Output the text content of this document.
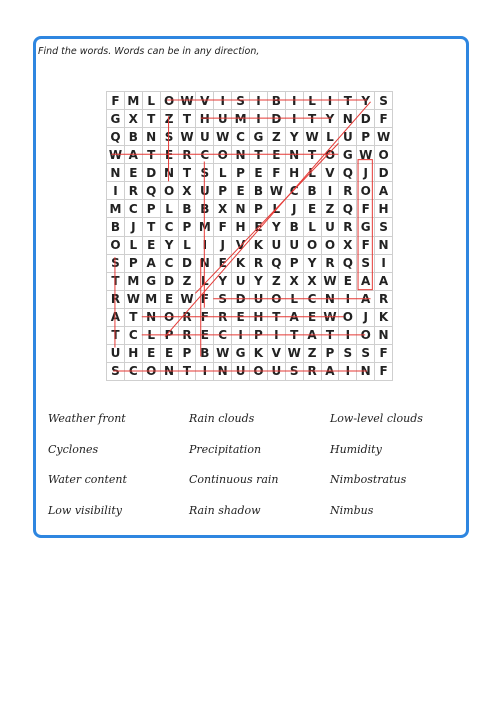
Find the words. Words can be in any direction,
F M L O W V I S I B I L I T Y S
G X T Z T H U M I D I T Y N D F
Q B N S W U W C G Z Y W L U P W
W A T E R C O N T E N T O G W O
N E D N T S L P E F H L V Q J D
I R Q O X U P E B W C B I R O A
M C P L B B X N P L J E Z Q F H
B J T C P M F H E Y B L U R G S
O L E Y L I	J V K U U O O X F N
S P A C D N E K R Q P Y R Q S I
T M G D Z L Y U Y Z X X W E A A
R W M E W F S D U O L C N I A R
A T N O R F R E H T A E W O J K
T C L P R E C I P I T A T I O N
U H E E P B W G K V W Z P S S F
S C O N T I N U O U S R A I N F
Weather front	Rain clouds	Low-level clouds
Cyclones	Precipitation	Humidity
Water content	Continuous rain	Nimbostratus
Low visibility	Rain shadow	Nimbus
